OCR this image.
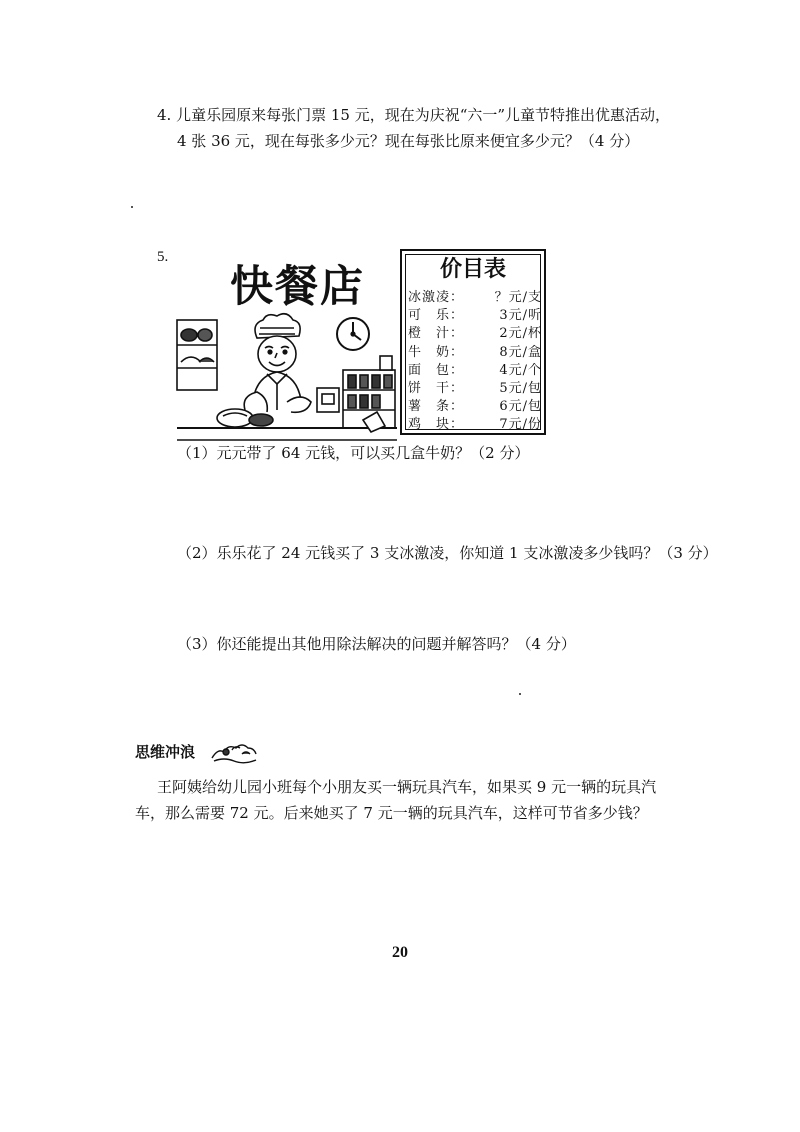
4. 儿童乐园原来每张门票 15 元，现在为庆祝“六一”儿童节特推出优惠活动，
4 张 36 元，现在每张多少元？现在每张比原来便宜多少元？（4 分）
5.
快餐店	价目表
冰激凌： ？元/支
可　乐：	3元/听
橙　汁：	2元/杯
牛　奶：	8元/盒
面　包：	4元/个
饼　干：	5元/包
薯　条：	6元/包
鸡　块：	7元/份
（1）元元带了 64 元钱，可以买几盒牛奶？（2 分）
（2）乐乐花了 24 元钱买了 3 支冰激凌，你知道 1 支冰激凌多少钱吗？（3 分）
（3）你还能提出其他用除法解决的问题并解答吗？（4 分）
思维冲浪
王阿姨给幼儿园小班每个小朋友买一辆玩具汽车，如果买 9 元一辆的玩具汽
车，那么需要 72 元。后来她买了 7 元一辆的玩具汽车，这样可节省多少钱？
20
